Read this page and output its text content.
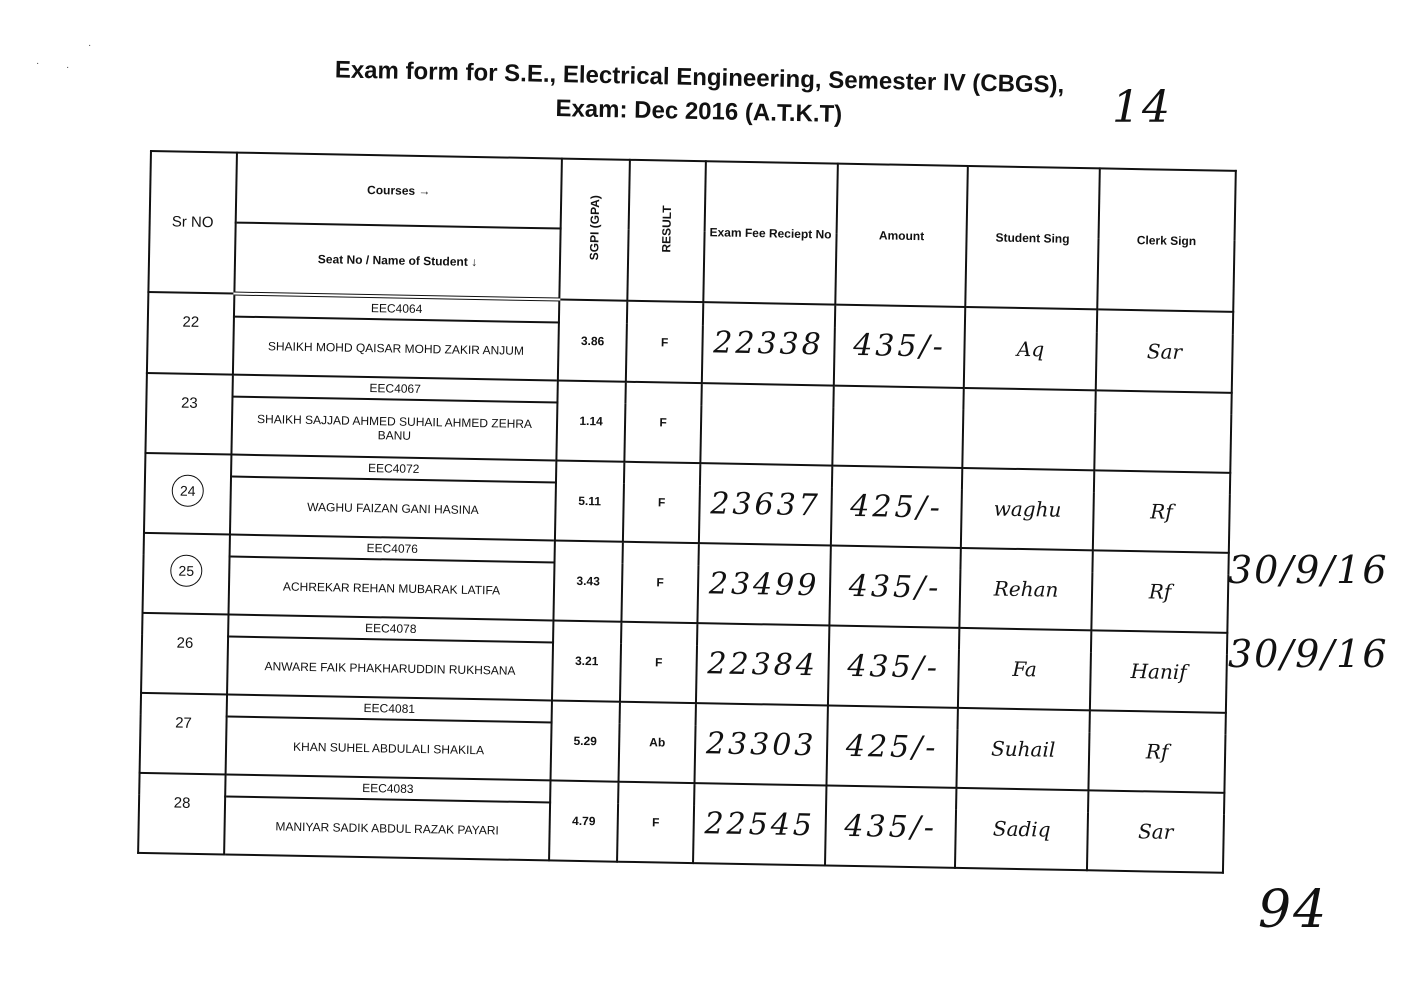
Exam form for S.E., Electrical Engineering, Semester IV (CBGS),
Exam: Dec 2016 (A.T.K.T)	14
·	·
·
Sr NO	Courses →	SGPI (GPA)	RESULT	Exam Fee Reciept No	Amount	Student Sing	Clerk Sign
	Seat No / Name of Student ↓						
22	EEC4064	3.86	F	22338	435/-	Aq	Sar
	SHAIKH MOHD QAISAR MOHD ZAKIR ANJUM						
23	EEC4067	1.14	F				
	SHAIKH SAJJAD AHMED SUHAIL AHMED ZEHRA BANU						
24	EEC4072	5.11	F	23637	425/-	waghu	Rf
	WAGHU FAIZAN GANI HASINA						
25	EEC4076	3.43	F	23499	435/-	Rehan	Rf
	ACHREKAR REHAN MUBARAK LATIFA						
26	EEC4078	3.21	F	22384	435/-	Fa	Hanif
	ANWARE FAIK PHAKHARUDDIN RUKHSANA						
27	EEC4081	5.29	Ab	23303	425/-	Suhail	Rf
	KHAN SUHEL ABDULALI SHAKILA						
28	EEC4083	4.79	F	22545	435/-	Sadiq	Sar
	MANIYAR SADIK ABDUL RAZAK PAYARI						
30/9/16
30/9/16
94
